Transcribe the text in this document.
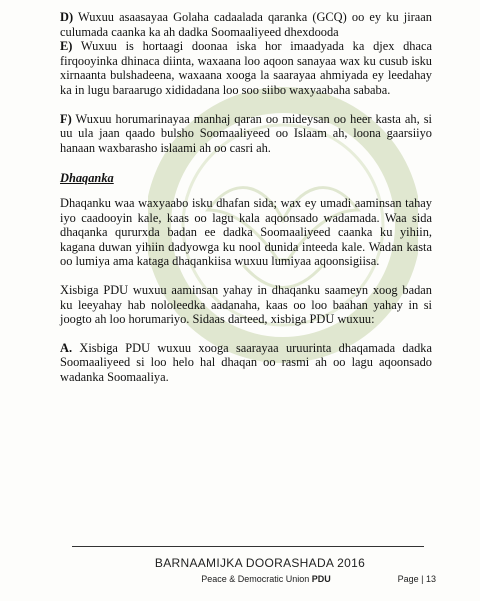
D) Wuxuu asaasayaa Golaha cadaalada qaranka (GCQ) oo ey ku jiraan culumada caanka ka ah dadka Soomaaliyeed dhexdooda

E) Wuxuu is hortaagi doonaa iska hor imaadyada ka djex dhaca firqooyinka dhinaca diinta, waxaana loo aqoon sanayaa wax ku cusub isku xirnaanta bulshadeena, waxaana xooga la saarayaa ahmiyada ey leedahay ka in lugu baraarugo xididadana loo soo siibo waxyaabaha sababa.

F) Wuxuu horumarinayaa manhaj qaran oo mideysan oo heer kasta ah, si uu ula jaan qaado bulsho Soomaaliyeed oo Islaam ah, loona gaarsiiyo hanaan waxbarasho islaami ah oo casri ah.

Dhaqanka

Dhaqanku waa waxyaabo isku dhafan sida; wax ey umadi aaminsan tahay iyo caadooyin kale, kaas oo lagu kala aqoonsado wadamada. Waa sida dhaqanka qururxda badan ee dadka Soomaaliyeed caanka ku yihiin, kagana duwan yihiin dadyowga ku nool dunida inteeda kale. Wadan kasta oo lumiya ama kataga dhaqankiisa wuxuu lumiyaa aqoonsigiisa.

Xisbiga PDU wuxuu aaminsan yahay in dhaqanku saameyn xoog badan ku leeyahay hab nololeedka aadanaha, kaas oo loo baahan yahay in si joogto ah loo horumariyo. Sidaas darteed, xisbiga PDU wuxuu:

A. Xisbiga PDU wuxuu xooga saarayaa uruurinta dhaqamada dadka Soomaaliyeed si loo helo hal dhaqan oo rasmi ah oo lagu aqoonsado wadanka Soomaaliya.

BARNAAMIJKA DOORASHADA 2016
Peace & Democratic Union PDU	Page | 13
